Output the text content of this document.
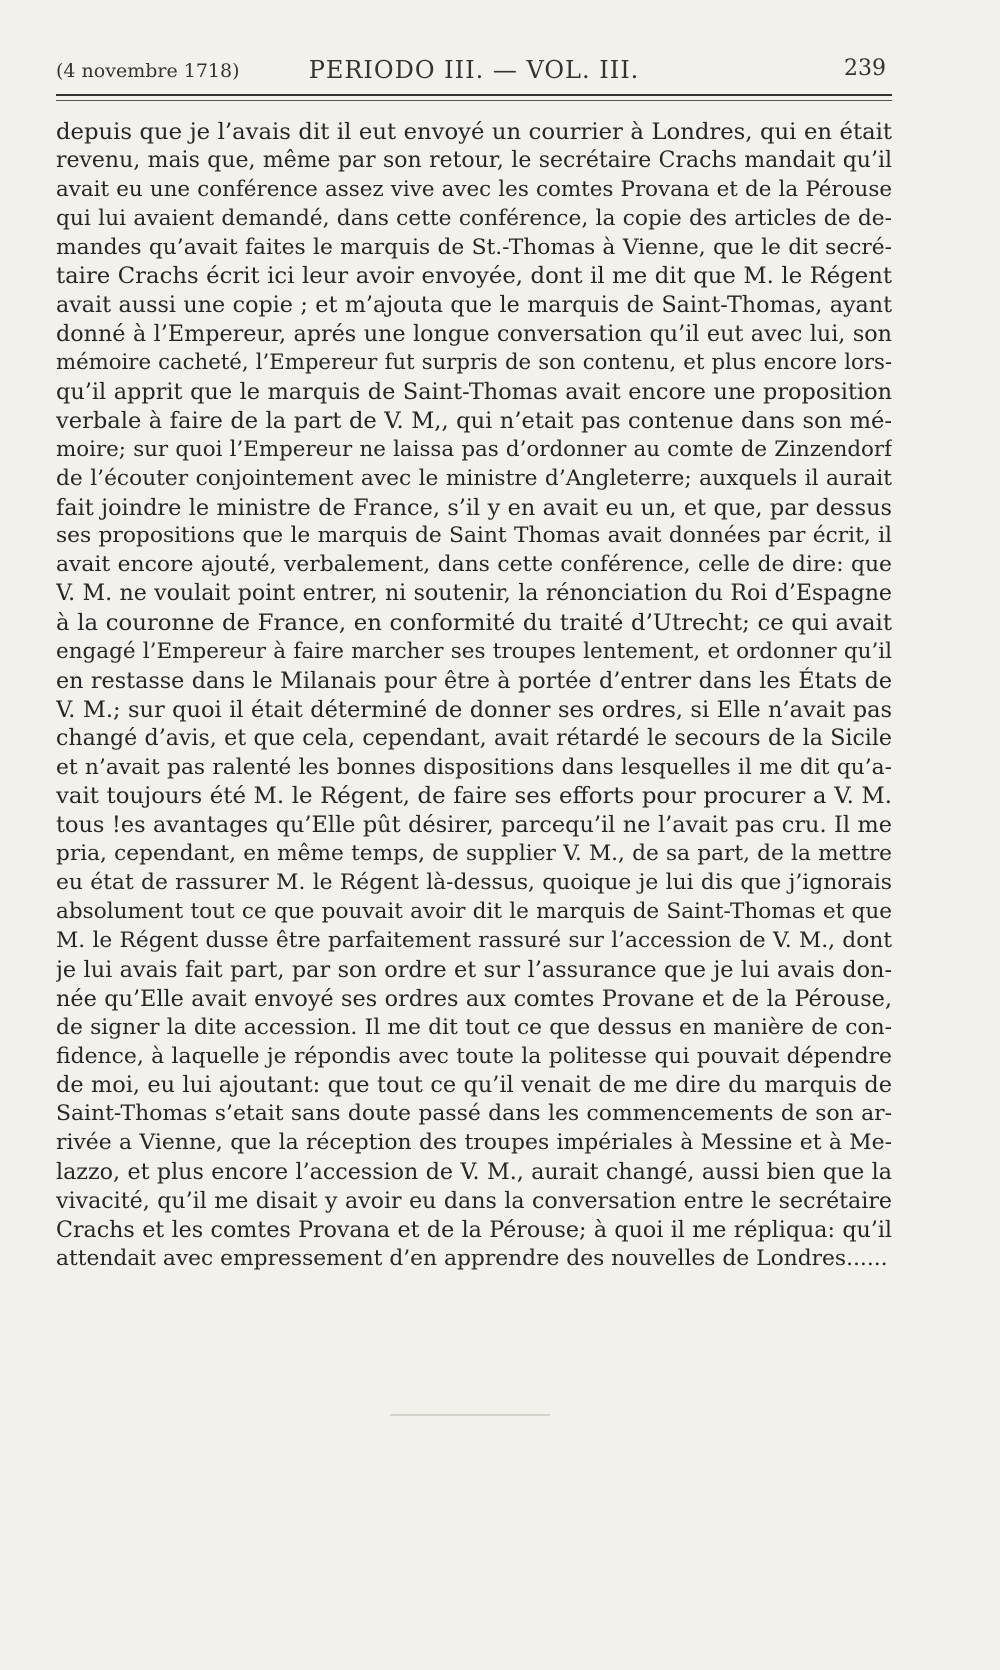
(4 novembre 1718)	PERIODO III. — VOL. III.	239
depuis que je l’avais dit il eut envoyé un courrier à Londres, qui en était
revenu, mais que, même par son retour, le secrétaire Crachs mandait qu’il
avait eu une conférence assez vive avec les comtes Provana et de la Pérouse
qui lui avaient demandé, dans cette conférence, la copie des articles de de-
mandes qu’avait faites le marquis de St.-Thomas à Vienne, que le dit secré-
taire Crachs écrit ici leur avoir envoyée, dont il me dit que M. le Régent
avait aussi une copie ; et m’ajouta que le marquis de Saint-Thomas, ayant
donné à l’Empereur, aprés une longue conversation qu’il eut avec lui, son
mémoire cacheté, l’Empereur fut surpris de son contenu, et plus encore lors-
qu’il apprit que le marquis de Saint-Thomas avait encore une proposition
verbale à faire de la part de V. M,, qui n’etait pas contenue dans son mé-
moire; sur quoi l’Empereur ne laissa pas d’ordonner au comte de Zinzendorf
de l’écouter conjointement avec le ministre d’Angleterre; auxquels il aurait
fait joindre le ministre de France, s’il y en avait eu un, et que, par dessus
ses propositions que le marquis de Saint Thomas avait données par écrit, il
avait encore ajouté, verbalement, dans cette conférence, celle de dire: que
V. M. ne voulait point entrer, ni soutenir, la rénonciation du Roi d’Espagne
à la couronne de France, en conformité du traité d’Utrecht; ce qui avait
engagé l’Empereur à faire marcher ses troupes lentement, et ordonner qu’il
en restasse dans le Milanais pour être à portée d’entrer dans les États de
V. M.; sur quoi il était déterminé de donner ses ordres, si Elle n’avait pas
changé d’avis, et que cela, cependant, avait rétardé le secours de la Sicile
et n’avait pas ralenté les bonnes dispositions dans lesquelles il me dit qu’a-
vait toujours été M. le Régent, de faire ses efforts pour procurer a V. M.
tous !es avantages qu’Elle pût désirer, parcequ’il ne l’avait pas cru. Il me
pria, cependant, en même temps, de supplier V. M., de sa part, de la mettre
eu état de rassurer M. le Régent là-dessus, quoique je lui dis que j’ignorais
absolument tout ce que pouvait avoir dit le marquis de Saint-Thomas et que
M. le Régent dusse être parfaitement rassuré sur l’accession de V. M., dont
je lui avais fait part, par son ordre et sur l’assurance que je lui avais don-
née qu’Elle avait envoyé ses ordres aux comtes Provane et de la Pérouse,
de signer la dite accession. Il me dit tout ce que dessus en manière de con-
fidence, à laquelle je répondis avec toute la politesse qui pouvait dépendre
de moi, eu lui ajoutant: que tout ce qu’il venait de me dire du marquis de
Saint-Thomas s’etait sans doute passé dans les commencements de son ar-
rivée a Vienne, que la réception des troupes impériales à Messine et à Me-
lazzo, et plus encore l’accession de V. M., aurait changé, aussi bien que la
vivacité, qu’il me disait y avoir eu dans la conversation entre le secrétaire
Crachs et les comtes Provana et de la Pérouse; à quoi il me répliqua: qu’il
attendait avec empressement d’en apprendre des nouvelles de Londres......
